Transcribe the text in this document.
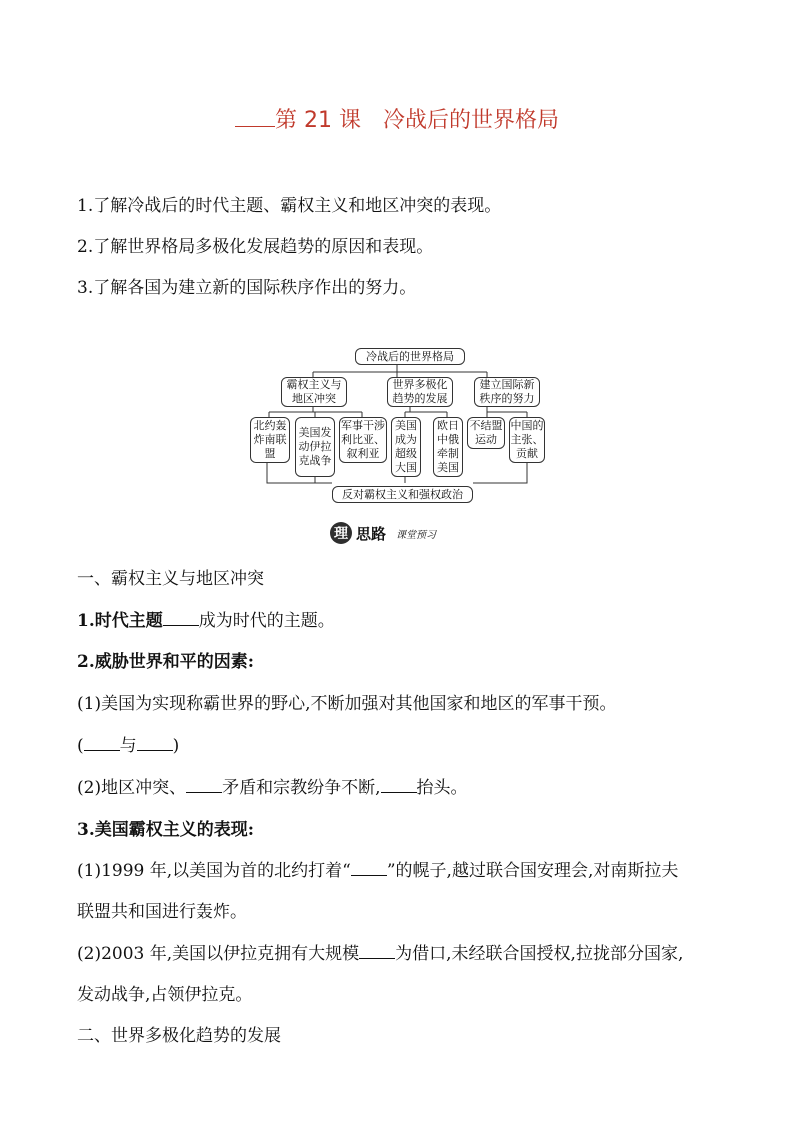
第 21 课 冷战后的世界格局
1.了解冷战后的时代主题、霸权主义和地区冲突的表现。
2.了解世界格局多极化发展趋势的原因和表现。
3.了解各国为建立新的国际秩序作出的努力。
冷战后的世界格局
霸权主义与地区冲突
世界多极化趋势的发展
建立国际新秩序的努力
北约轰炸南联盟
美国发动伊拉克战争
军事干涉利比亚、叙利亚
美国成为超级大国
欧日中俄牵制美国
不结盟运动
中国的主张、贡献
反对霸权主义和强权政治
理 思路 课堂预习
一、霸权主义与地区冲突
1.时代主题 成为时代的主题。
2.威胁世界和平的因素:
(1)美国为实现称霸世界的野心,不断加强对其他国家和地区的军事干预。
( 与 )
(2)地区冲突、 矛盾和宗教纷争不断, 抬头。
3.美国霸权主义的表现:
(1)1999 年,以美国为首的北约打着“ ”的幌子,越过联合国安理会,对南斯拉夫
联盟共和国进行轰炸。
(2)2003 年,美国以伊拉克拥有大规模 为借口,未经联合国授权,拉拢部分国家,
发动战争,占领伊拉克。
二、世界多极化趋势的发展
